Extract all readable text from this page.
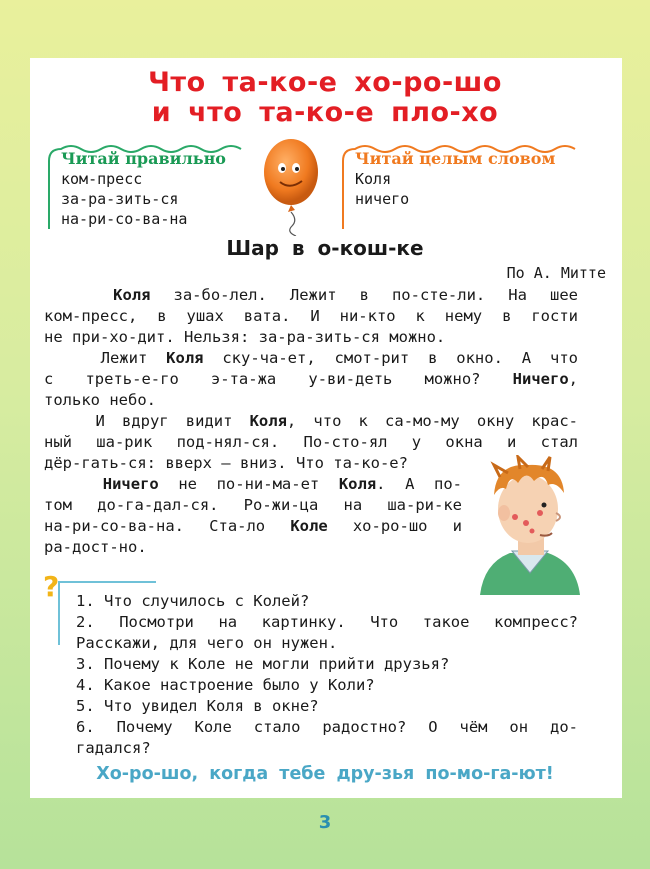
Что та-ко-е хо-ро-шо
и что та-ко-е пло-хо
Читай правильно
ком-пресс
за-ра-зить-ся
на-ри-со-ва-на
Читай целым словом
Коля
ничего
Шар в о-кош-ке
По А. Митте
Коля за-бо-лел. Лежит в по-сте-ли. На шее
ком-пресс, в ушах вата. И ни-кто к нему в гости
не при-хо-дит. Нельзя: за-ра-зить-ся можно.
Лежит Коля ску-ча-ет, смот-рит в окно. А что
с треть-е-го э-та-жа у-ви-деть можно? Ничего,
только небо.
И вдруг видит Коля, что к са-мо-му окну крас-
ный ша-рик под-нял-ся. По-сто-ял у окна и стал
дёр-гать-ся: вверх — вниз. Что та-ко-е?
Ничего не по-ни-ма-ет Коля. А по-
том до-га-дал-ся. Ро-жи-ца на ша-ри-ке
на-ри-со-ва-на. Ста-ло Коле хо-ро-шо и
ра-дост-но.
? 1. Что случилось с Колей?
2. Посмотри на картинку. Что такое компресс?
Расскажи, для чего он нужен.
3. Почему к Коле не могли прийти друзья?
4. Какое настроение было у Коли?
5. Что увидел Коля в окне?
6. Почему Коле стало радостно? О чём он до-
гадался?
Хо-ро-шо, когда тебе дру-зья по-мо-га-ют!
3
